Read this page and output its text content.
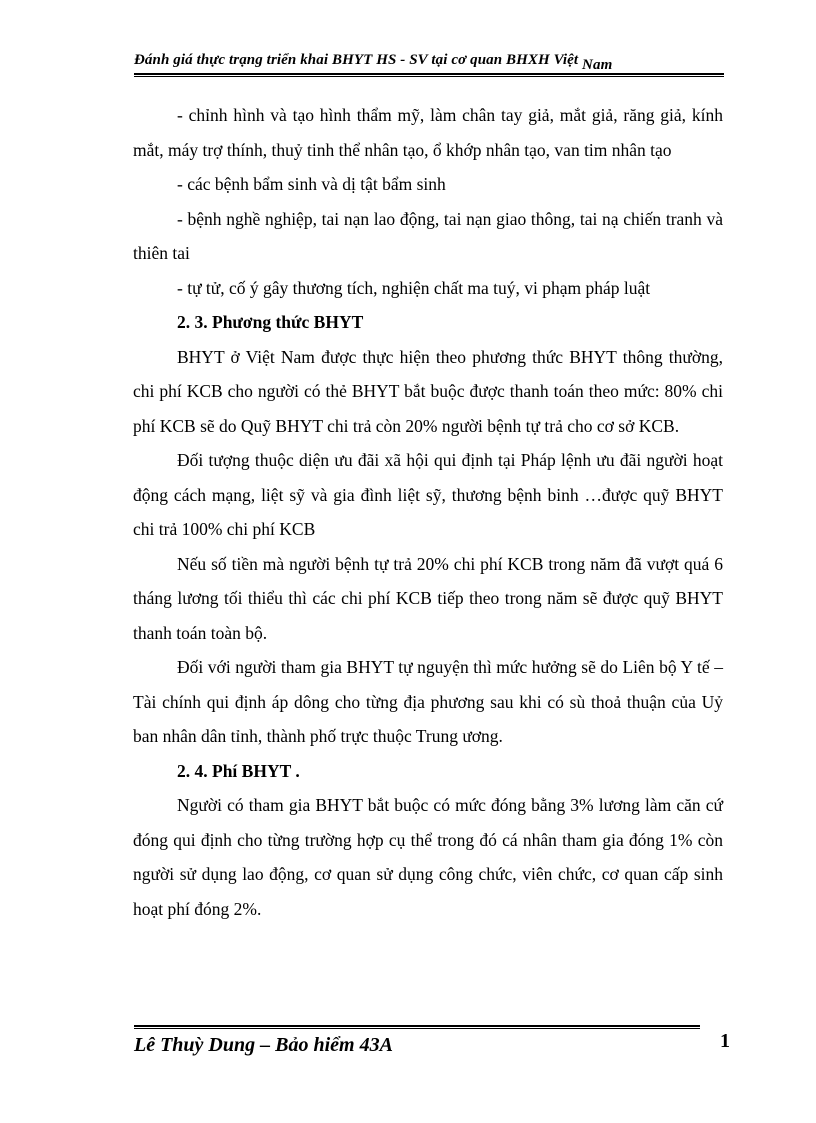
Đánh giá thực trạng triển khai BHYT HS - SV tại cơ quan BHXH Việt Nam

- chỉnh hình và tạo hình thẩm mỹ, làm chân tay giả, mắt giả, răng giả, kính mắt, máy trợ thính, thuỷ tinh thể nhân tạo, ổ khớp nhân tạo, van tim nhân tạo

- các bệnh bẩm sinh và dị tật bẩm sinh

- bệnh nghề nghiệp, tai nạn lao động, tai nạn giao thông, tai nạ chiến tranh và thiên tai

- tự tử, cố ý gây thương tích, nghiện chất ma tuý, vi phạm pháp luật

2. 3. Phương thức BHYT

BHYT ở Việt Nam được thực hiện theo phương thức BHYT thông thường, chi phí KCB cho người có thẻ BHYT bắt buộc được thanh toán theo mức: 80% chi phí KCB sẽ do Quỹ BHYT chi trả còn 20% người bệnh tự trả cho cơ sở KCB.

Đối tượng thuộc diện ưu đãi xã hội qui định tại Pháp lệnh ưu đãi người hoạt động cách mạng, liệt sỹ và gia đình liệt sỹ, thương bệnh binh …được quỹ BHYT chi trả 100% chi phí KCB

Nếu số tiền mà người bệnh tự trả 20% chi phí KCB trong năm đã vượt quá 6 tháng lương tối thiểu thì các chi phí KCB tiếp theo trong năm sẽ được quỹ BHYT thanh toán toàn bộ.

Đối với người tham gia BHYT tự nguyện thì mức hưởng sẽ do Liên bộ Y tế – Tài chính qui định áp dông cho từng địa phương sau khi có sù thoả thuận của Uỷ ban nhân dân tỉnh, thành phố trực thuộc Trung ương.

2. 4. Phí BHYT .

Người có tham gia BHYT bắt buộc có mức đóng bằng 3% lương làm căn cứ đóng qui định cho từng trường hợp cụ thể trong đó cá nhân tham gia đóng 1% còn người sử dụng lao động, cơ quan sử dụng công chức, viên chức, cơ quan cấp sinh hoạt phí đóng 2%.

Lê Thuỳ Dung – Bảo hiểm 43A	1
